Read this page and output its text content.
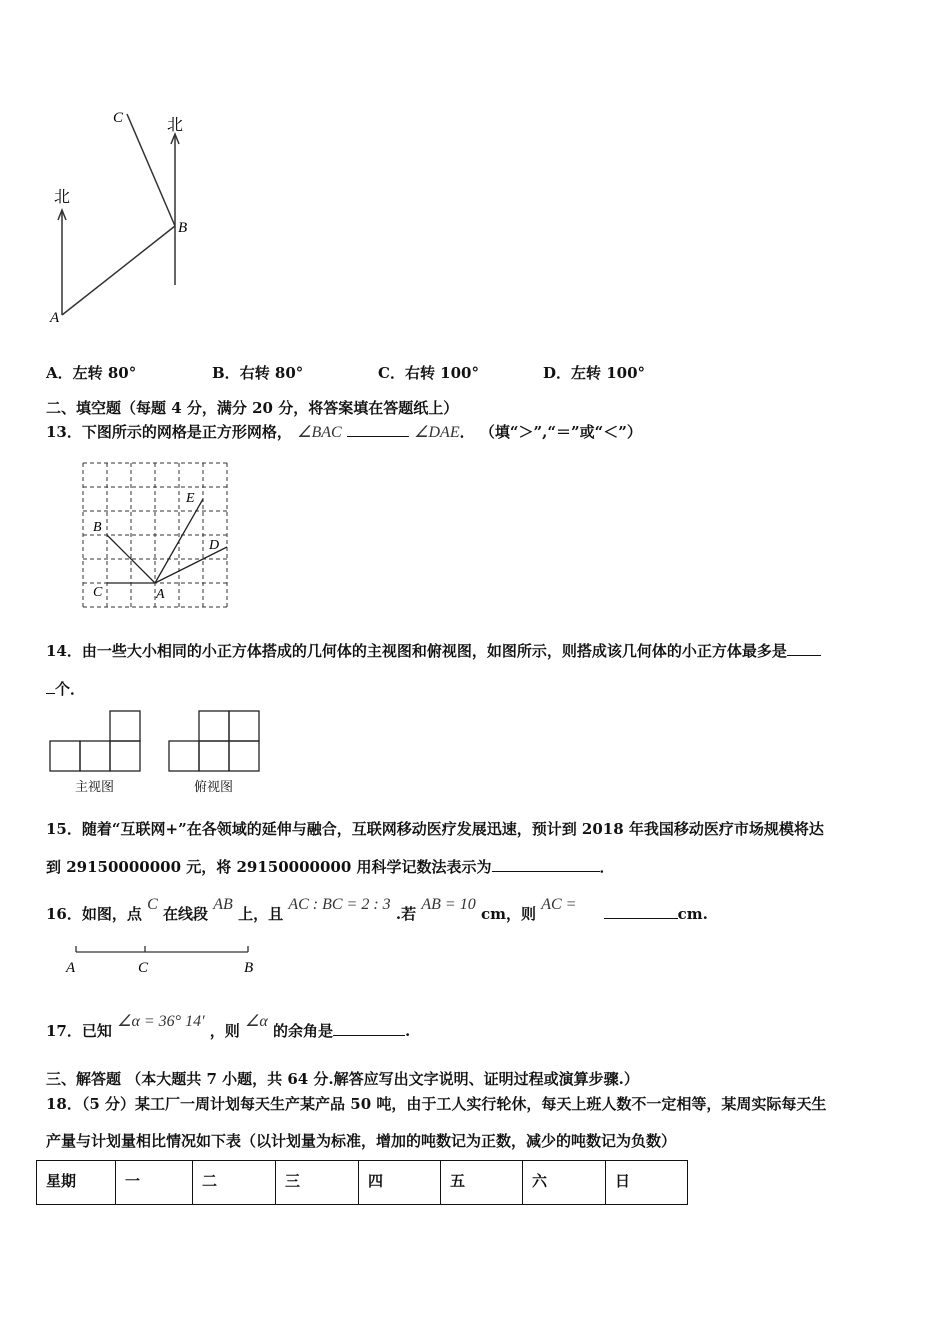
北
北
A
B
C
A．左转 80°	B．右转 80°	C．右转 100°	D．左转 100°
二、填空题（每题 4 分，满分 20 分，将答案填在答题纸上）
13．下图所示的网格是正方形网格， ∠BAC	∠DAE． （填“＞”,“＝”或“＜”）
E
B
D
C	A
14．由一些大小相同的小正方体搭成的几何体的主视图和俯视图，如图所示，则搭成该几何体的小正方体最多是
个．
主视图	俯视图
15．随着“互联网+”在各领域的延伸与融合，互联网移动医疗发展迅速，预计到 2018 年我国移动医疗市场规模将达
到 29150000000 元，将 29150000000 用科学记数法表示为	．
16．如图，点 C 在线段 AB 上，且 AC : BC = 2 : 3 .若 AB = 10 cm，则 AC = cm.
A	C	B
17．已知 ∠α = 36° 14′ ，则 ∠α 的余角是	.
三、解答题 （本大题共 7 小题，共 64 分.解答应写出文字说明、证明过程或演算步骤.）
18．（5 分）某工厂一周计划每天生产某产品 50 吨，由于工人实行轮休，每天上班人数不一定相等，某周实际每天生
产量与计划量相比情况如下表（以计划量为标准，增加的吨数记为正数，减少的吨数记为负数）
星期	一	二	三	四	五	六	日
